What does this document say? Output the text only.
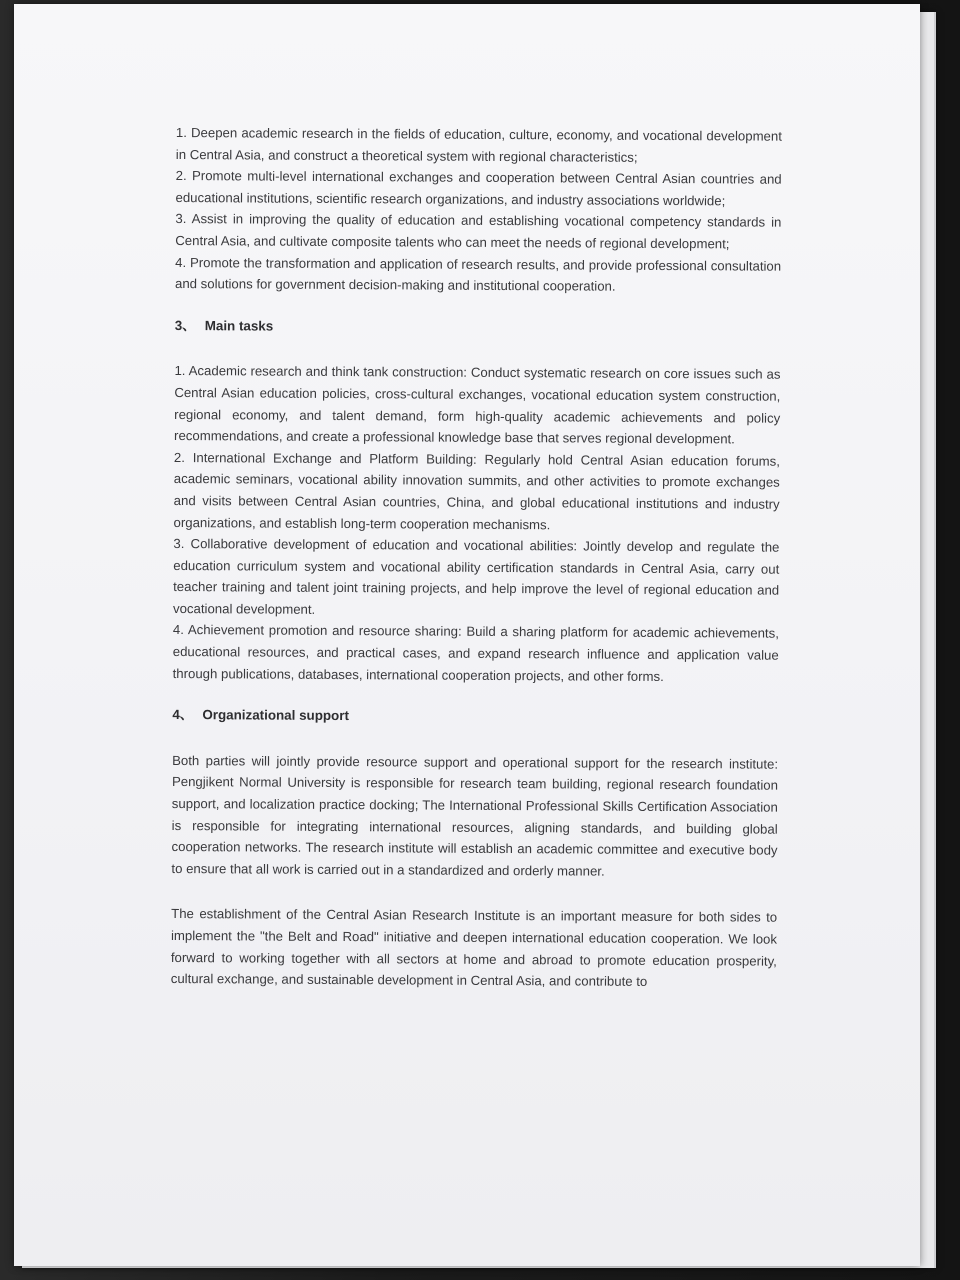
1. Deepen academic research in the fields of education, culture, economy, and vocational development in Central Asia, and construct a theoretical system with regional characteristics;

2. Promote multi-level international exchanges and cooperation between Central Asian countries and educational institutions, scientific research organizations, and industry associations worldwide;

3. Assist in improving the quality of education and establishing vocational competency standards in Central Asia, and cultivate composite talents who can meet the needs of regional development;

4. Promote the transformation and application of research results, and provide professional consultation and solutions for government decision-making and institutional cooperation.

3、 Main tasks

1. Academic research and think tank construction: Conduct systematic research on core issues such as Central Asian education policies, cross-cultural exchanges, vocational education system construction, regional economy, and talent demand, form high-quality academic achievements and policy recommendations, and create a professional knowledge base that serves regional development.

2. International Exchange and Platform Building: Regularly hold Central Asian education forums, academic seminars, vocational ability innovation summits, and other activities to promote exchanges and visits between Central Asian countries, China, and global educational institutions and industry organizations, and establish long-term cooperation mechanisms.

3. Collaborative development of education and vocational abilities: Jointly develop and regulate the education curriculum system and vocational ability certification standards in Central Asia, carry out teacher training and talent joint training projects, and help improve the level of regional education and vocational development.

4. Achievement promotion and resource sharing: Build a sharing platform for academic achievements, educational resources, and practical cases, and expand research influence and application value through publications, databases, international cooperation projects, and other forms.

4、 Organizational support

Both parties will jointly provide resource support and operational support for the research institute: Pengjikent Normal University is responsible for research team building, regional research foundation support, and localization practice docking; The International Professional Skills Certification Association is responsible for integrating international resources, aligning standards, and building global cooperation networks. The research institute will establish an academic committee and executive body to ensure that all work is carried out in a standardized and orderly manner.

The establishment of the Central Asian Research Institute is an important measure for both sides to implement the "the Belt and Road" initiative and deepen international education cooperation. We look forward to working together with all sectors at home and abroad to promote education prosperity, cultural exchange, and sustainable development in Central Asia, and contribute to
